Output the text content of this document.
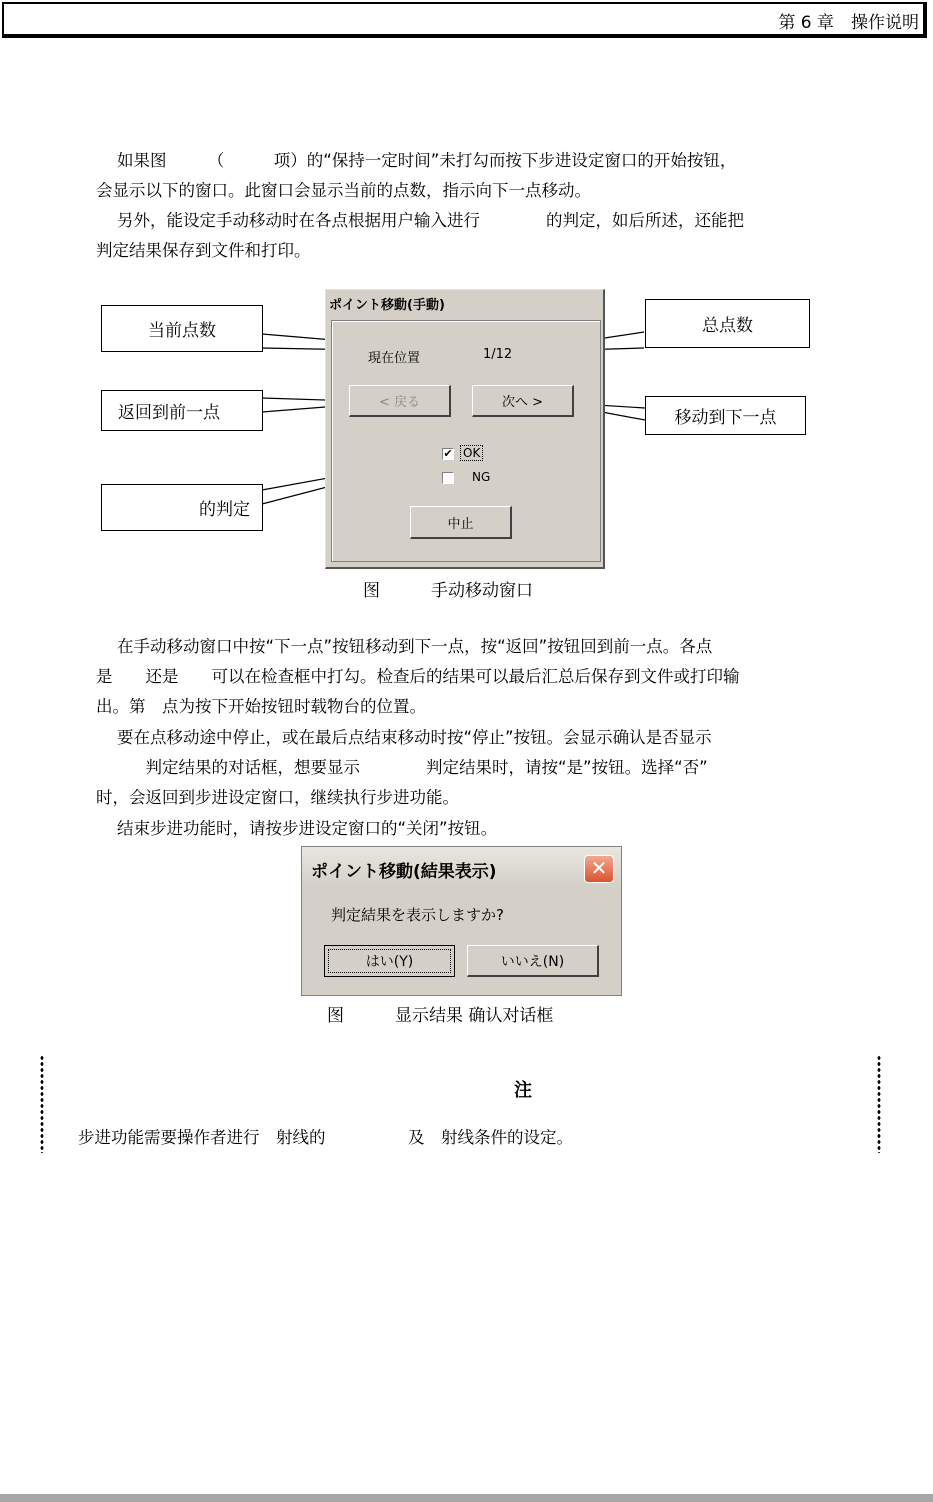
第 6 章　操作说明
如果图　　　（　　　项）的“保持一定时间”未打勾而按下步进设定窗口的开始按钮，
会显示以下的窗口。此窗口会显示当前的点数，指示向下一点移动。
另外，能设定手动移动时在各点根据用户输入进行　　　　的判定，如后所述，还能把
判定结果保存到文件和打印。
ポイント移動(手動)
現在位置	1/12
< 戻る	次へ >
✔ OK
NG
中止
当前点数	总点数
返回到前一点	移动到下一点
的判定
图　　　手动移动窗口
在手动移动窗口中按“下一点”按钮移动到下一点，按“返回”按钮回到前一点。各点
是　　还是　　可以在检查框中打勾。检查后的结果可以最后汇总后保存到文件或打印输
出。第　点为按下开始按钮时载物台的位置。
要在点移动途中停止，或在最后点结束移动时按“停止”按钮。会显示确认是否显示
　　　判定结果的对话框，想要显示　　　　判定结果时，请按“是”按钮。选择“否”
时，会返回到步进设定窗口，继续执行步进功能。
结束步进功能时，请按步进设定窗口的“关闭”按钮。
ポイント移動(結果表示)	✕
判定結果を表示しますか?
はい(Y)	いいえ(N)
图　　　显示结果 确认对话框
注
步进功能需要操作者进行　射线的　　　　　及　射线条件的设定。
